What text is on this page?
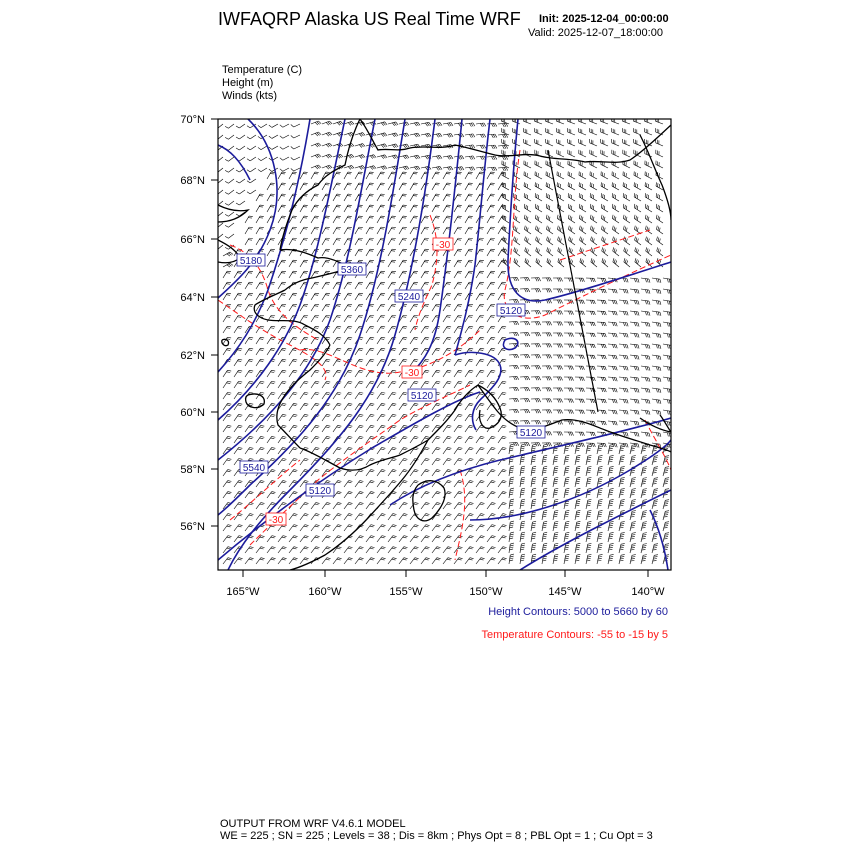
IWFAQRP Alaska US Real Time WRF Init: 2025-12-04_00:00:00
Valid: 2025-12-07_18:00:00
Temperature (C)
Height (m)
Winds (kts)
70°N
68°N
66°N
64°N
62°N
60°N
58°N
56°N
165°W	160°W	155°W	150°W	145°W	140°W
5180
5360
5240
5120
5120
5120
5540
5120
-30
-30
-30
Height Contours: 5000 to 5660 by 60
Temperature Contours: -55 to -15 by 5
OUTPUT FROM WRF V4.6.1 MODEL
WE = 225 ; SN = 225 ; Levels = 38 ; Dis = 8km ; Phys Opt = 8 ; PBL Opt = 1 ; Cu Opt = 3
